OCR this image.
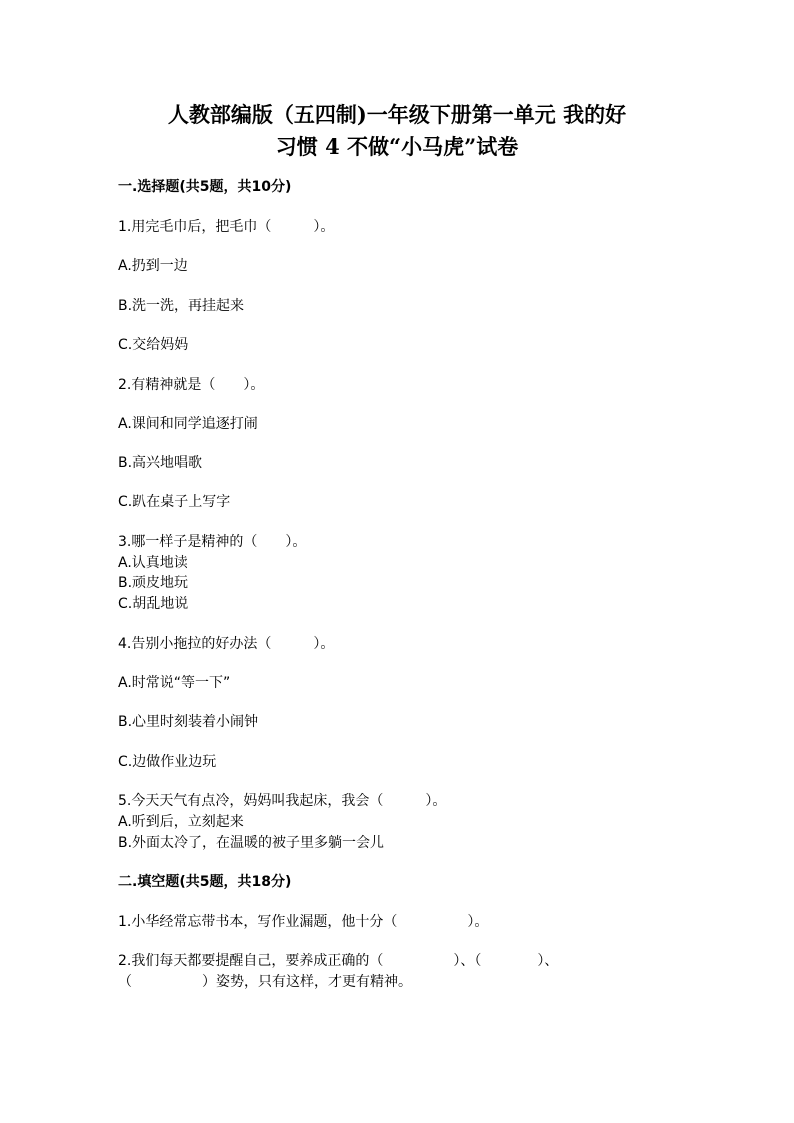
人教部编版（五四制)一年级下册第一单元 我的好
习惯 4 不做“小马虎”试卷
一.选择题(共5题，共10分)
1.用完毛巾后，把毛巾（　　　）。
A.扔到一边
B.洗一洗，再挂起来
C.交给妈妈
2.有精神就是（　　）。
A.课间和同学追逐打闹
B.高兴地唱歌
C.趴在桌子上写字
3.哪一样子是精神的（　　）。
A.认真地读
B.顽皮地玩
C.胡乱地说
4.告别小拖拉的好办法（　　　）。
A.时常说“等一下”
B.心里时刻装着小闹钟
C.边做作业边玩
5.今天天气有点冷，妈妈叫我起床，我会（　　　）。
A.听到后，立刻起来
B.外面太冷了，在温暖的被子里多躺一会儿
二.填空题(共5题，共18分)
1.小华经常忘带书本，写作业漏题，他十分（　　　　　）。
2.我们每天都要提醒自己，要养成正确的（　　　　　）、（　　　　）、
（　　　　　）姿势，只有这样，才更有精神。
